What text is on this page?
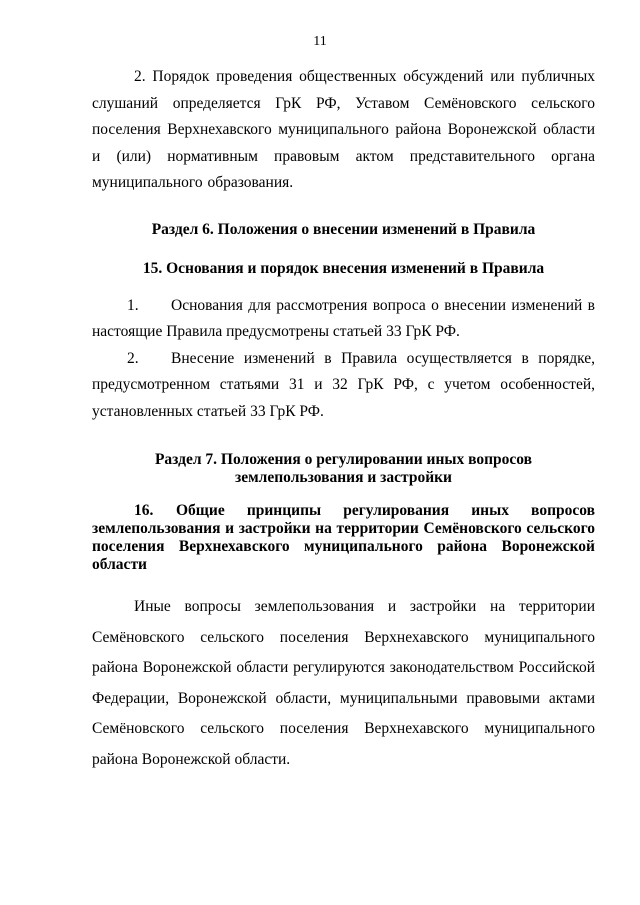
11

2. Порядок проведения общественных обсуждений или публичных слушаний определяется ГрК РФ, Уставом Семёновского сельского поселения Верхнехавского муниципального района Воронежской области и (или) нормативным правовым актом представительного органа муниципального образования.

Раздел 6. Положения о внесении изменений в Правила

15. Основания и порядок внесения изменений в Правила

1. Основания для рассмотрения вопроса о внесении изменений в настоящие Правила предусмотрены статьей 33 ГрК РФ.

2. Внесение изменений в Правила осуществляется в порядке, предусмотренном статьями 31 и 32 ГрК РФ, с учетом особенностей, установленных статьей 33 ГрК РФ.

Раздел 7. Положения о регулировании иных вопросов землепользования и застройки

16. Общие принципы регулирования иных вопросов землепользования и застройки на территории Семёновского сельского поселения Верхнехавского муниципального района Воронежской области

Иные вопросы землепользования и застройки на территории Семёновского сельского поселения Верхнехавского муниципального района Воронежской области регулируются законодательством Российской Федерации, Воронежской области, муниципальными правовыми актами Семёновского сельского поселения Верхнехавского муниципального района Воронежской области.
